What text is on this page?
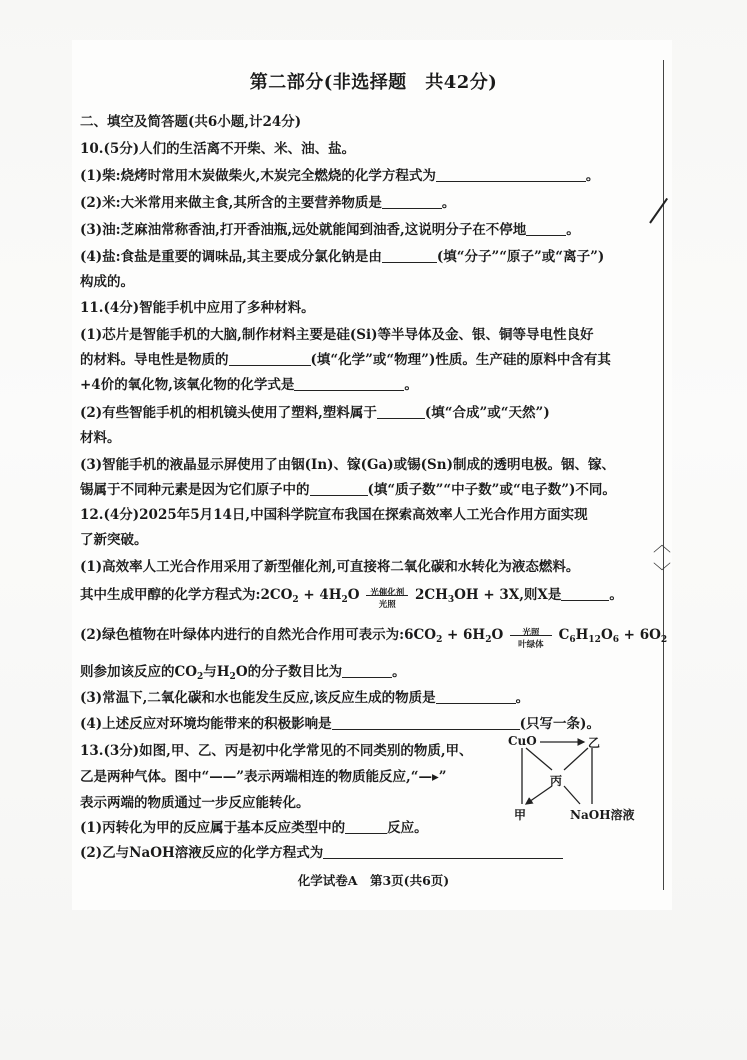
︿
﹀
第二部分(非选择题　共42分)
二、填空及简答题(共6小题,计24分)
10.(5分)人们的生活离不开柴、米、油、盐。
(1)柴:烧烤时常用木炭做柴火,木炭完全燃烧的化学方程式为	。
(2)米:大米常用来做主食,其所含的主要营养物质是	。
(3)油:芝麻油常称香油,打开香油瓶,远处就能闻到油香,这说明分子在不停地	。
(4)盐:食盐是重要的调味品,其主要成分氯化钠是由	(填“分子”“原子”或“离子”)
构成的。
11.(4分)智能手机中应用了多种材料。
(1)芯片是智能手机的大脑,制作材料主要是硅(Si)等半导体及金、银、铜等导电性良好
的材料。导电性是物质的	(填“化学”或“物理”)性质。生产硅的原料中含有其
+4价的氧化物,该氧化物的化学式是	。
(2)有些智能手机的相机镜头使用了塑料,塑料属于	(填“合成”或“天然”)
材料。
(3)智能手机的液晶显示屏使用了由铟(In)、镓(Ga)或锡(Sn)制成的透明电极。铟、镓、
锡属于不同种元素是因为它们原子中的	(填“质子数”“中子数”或“电子数”)不同。
12.(4分)2025年5月14日,中国科学院宣布我国在探索高效率人工光合作用方面实现
了新突破。
(1)高效率人工光合作用采用了新型催化剂,可直接将二氧化碳和水转化为液态燃料。
其中生成甲醇的化学方程式为$:2CO_2 + 4H_2O$	光催化剂
光照
$2CH_3OH + 3X$,则X是	。
(2)绿色植物在叶绿体内进行的自然光合作用可表示为$:6CO_2 + 6H_2O$	光照
叶绿体
$C_6H_{12}O_6 + 6O_2$
则参加该反应的$CO_2$与$H_2O$的分子数目比为	。
(3)常温下,二氧化碳和水也能发生反应,该反应生成的物质是	。
(4)上述反应对环境均能带来的积极影响是	(只写一条)。
13.(3分)如图,甲、乙、丙是初中化学常见的不同类别的物质,甲、
乙是两种气体。图中“——”表示两端相连的物质能反应,“—▸”
表示两端的物质通过一步反应能转化。
(1)丙转化为甲的反应属于基本反应类型中的	反应。
(2)乙与NaOH溶液反应的化学方程式为
CuO	乙
丙
甲	NaOH溶液
化学试卷A　第3页(共6页)
